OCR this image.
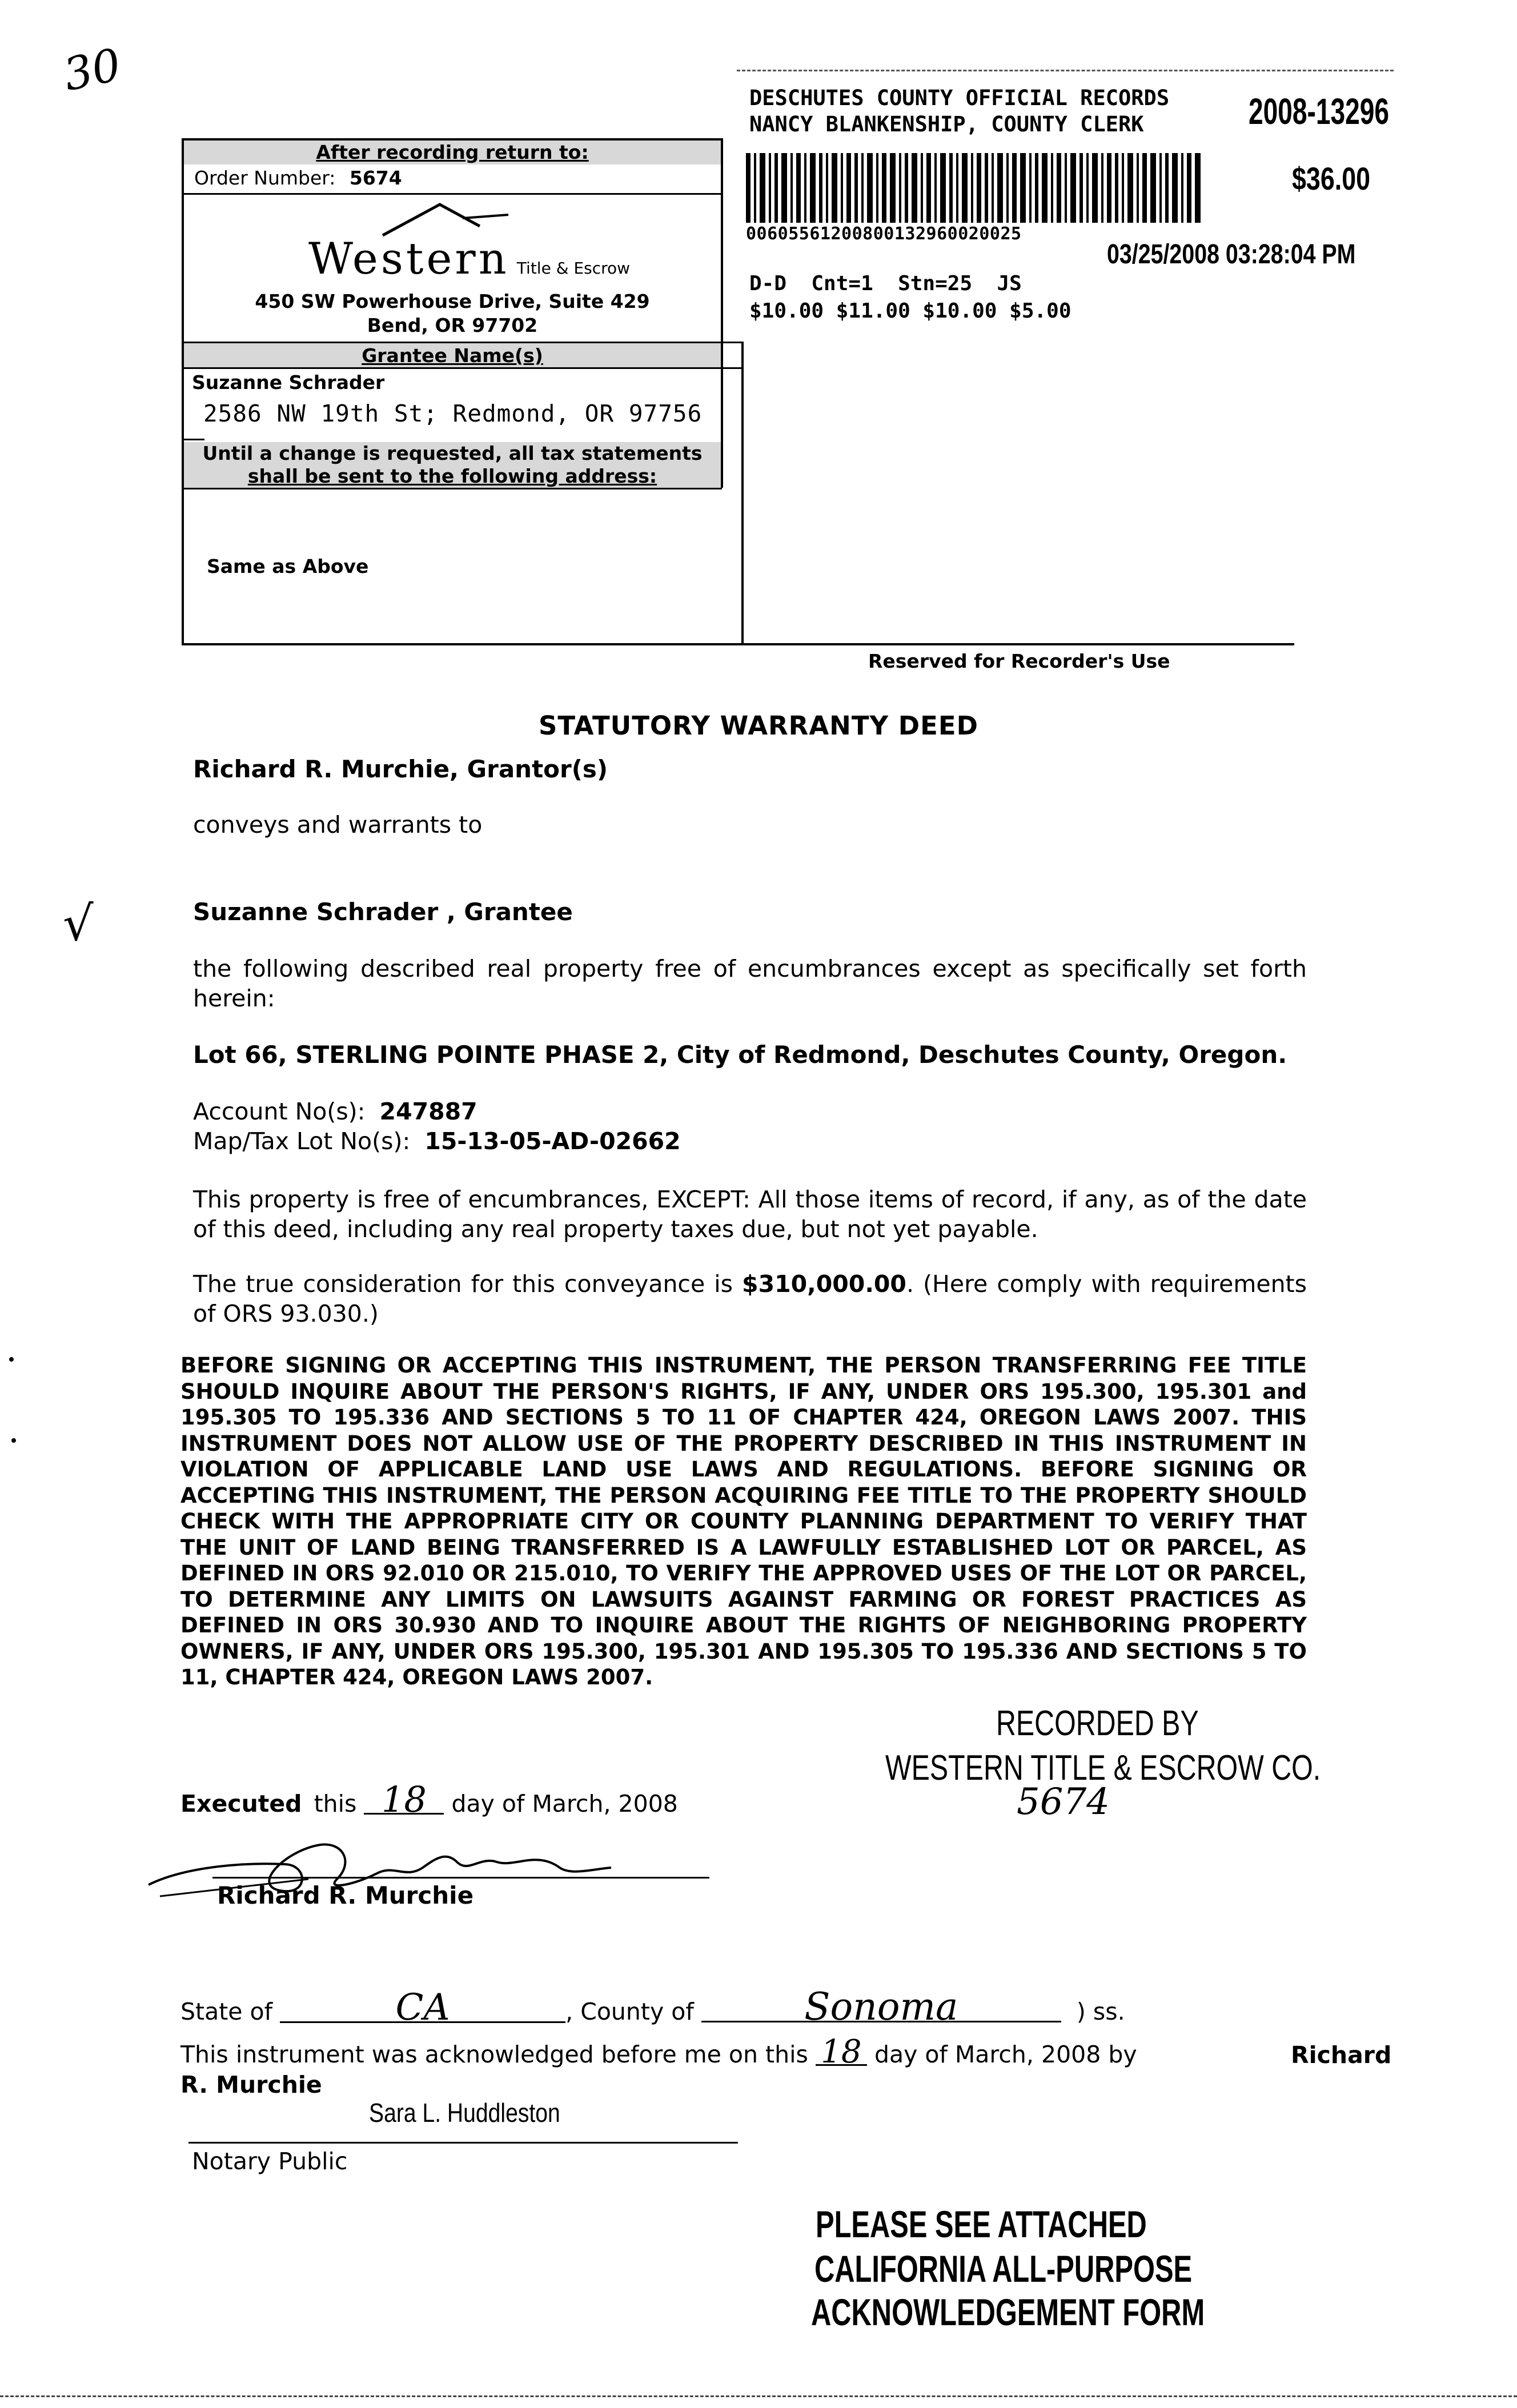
30	DESCHUTES COUNTY OFFICIAL RECORDS
NANCY BLANKENSHIP, COUNTY CLERK	2008-13296
$36.00
00605561200800132960020025
03/25/2008 03:28:04 PM
D-D  Cnt=1  Stn=25  JS
$10.00 $11.00 $10.00 $5.00
After recording return to:
Order Number: 5674
Western Title & Escrow
450 SW Powerhouse Drive, Suite 429
Bend, OR 97702
Grantee Name(s)
Suzanne Schrader
2586 NW 19th St; Redmond, OR 97756
Until a change is requested, all tax statements
shall be sent to the following address:
Same as Above
Reserved for Recorder's Use
STATUTORY WARRANTY DEED
Richard R. Murchie, Grantor(s)
conveys and warrants to
√	Suzanne Schrader , Grantee
the following described real property free of encumbrances except as specifically set forth herein:
Lot 66, STERLING POINTE PHASE 2, City of Redmond, Deschutes County, Oregon.
Account No(s): 247887
Map/Tax Lot No(s): 15-13-05-AD-02662
This property is free of encumbrances, EXCEPT: All those items of record, if any, as of the date of this deed, including any real property taxes due, but not yet payable.
The true consideration for this conveyance is $310,000.00. (Here comply with requirements of ORS 93.030.)
BEFORE SIGNING OR ACCEPTING THIS INSTRUMENT, THE PERSON TRANSFERRING FEE TITLE SHOULD INQUIRE ABOUT THE PERSON'S RIGHTS, IF ANY, UNDER ORS 195.300, 195.301 and 195.305 TO 195.336 AND SECTIONS 5 TO 11 OF CHAPTER 424, OREGON LAWS 2007. THIS INSTRUMENT DOES NOT ALLOW USE OF THE PROPERTY DESCRIBED IN THIS INSTRUMENT IN VIOLATION OF APPLICABLE LAND USE LAWS AND REGULATIONS. BEFORE SIGNING OR ACCEPTING THIS INSTRUMENT, THE PERSON ACQUIRING FEE TITLE TO THE PROPERTY SHOULD CHECK WITH THE APPROPRIATE CITY OR COUNTY PLANNING DEPARTMENT TO VERIFY THAT THE UNIT OF LAND BEING TRANSFERRED IS A LAWFULLY ESTABLISHED LOT OR PARCEL, AS DEFINED IN ORS 92.010 OR 215.010, TO VERIFY THE APPROVED USES OF THE LOT OR PARCEL, TO DETERMINE ANY LIMITS ON LAWSUITS AGAINST FARMING OR FOREST PRACTICES AS DEFINED IN ORS 30.930 AND TO INQUIRE ABOUT THE RIGHTS OF NEIGHBORING PROPERTY OWNERS, IF ANY, UNDER ORS 195.300, 195.301 AND 195.305 TO 195.336 AND SECTIONS 5 TO 11, CHAPTER 424, OREGON LAWS 2007.
RECORDED BY
WESTERN TITLE & ESCROW CO.
5674
Executed this 18 day of March, 2008
Richard R. Murchie
State of	CA	, County of	Sonoma	) ss.
This instrument was acknowledged before me on this 18 day of March, 2008 by	Richard R. Murchie
Sara L. Huddleston
Notary Public
PLEASE SEE ATTACHED
CALIFORNIA ALL-PURPOSE
ACKNOWLEDGEMENT FORM
